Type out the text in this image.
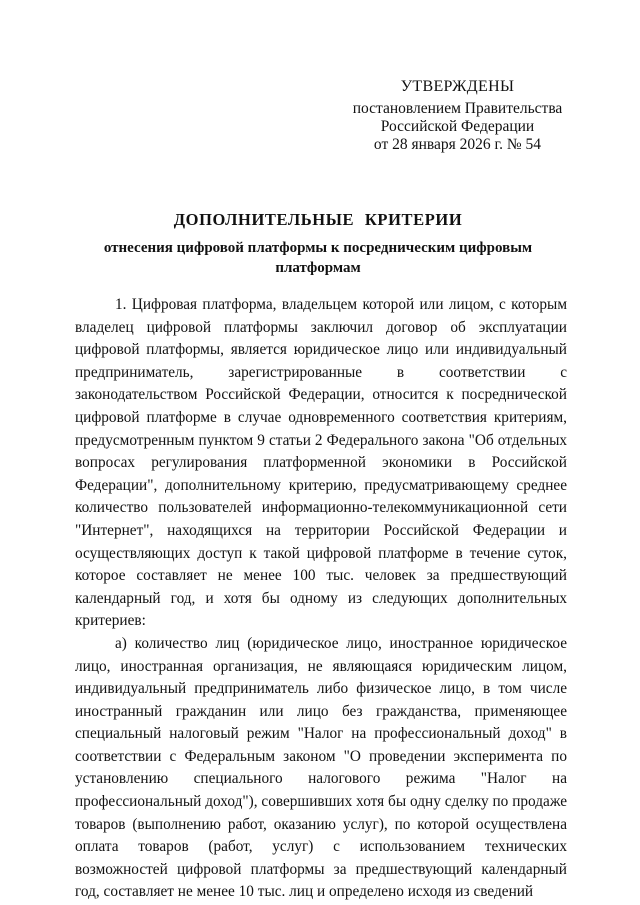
УТВЕРЖДЕНЫ
постановлением Правительства
Российской Федерации
от 28 января 2026 г. № 54
ДОПОЛНИТЕЛЬНЫЕ КРИТЕРИИ
отнесения цифровой платформы к посредническим цифровым платформам

1. Цифровая платформа, владельцем которой или лицом, с которым владелец цифровой платформы заключил договор об эксплуатации цифровой платформы, является юридическое лицо или индивидуальный предприниматель, зарегистрированные в соответствии с законодательством Российской Федерации, относится к посреднической цифровой платформе в случае одновременного соответствия критериям, предусмотренным пунктом 9 статьи 2 Федерального закона "Об отдельных вопросах регулирования платформенной экономики в Российской Федерации", дополнительному критерию, предусматривающему среднее количество пользователей информационно-телекоммуникационной сети "Интернет", находящихся на территории Российской Федерации и осуществляющих доступ к такой цифровой платформе в течение суток, которое составляет не менее 100 тыс. человек за предшествующий календарный год, и хотя бы одному из следующих дополнительных критериев:

а) количество лиц (юридическое лицо, иностранное юридическое лицо, иностранная организация, не являющаяся юридическим лицом, индивидуальный предприниматель либо физическое лицо, в том числе иностранный гражданин или лицо без гражданства, применяющее специальный налоговый режим "Налог на профессиональный доход" в соответствии с Федеральным законом "О проведении эксперимента по установлению специального налогового режима "Налог на профессиональный доход"), совершивших хотя бы одну сделку по продаже товаров (выполнению работ, оказанию услуг), по которой осуществлена оплата товаров (работ, услуг) с использованием технических возможностей цифровой платформы за предшествующий календарный год, составляет не менее 10 тыс. лиц и определено исходя из сведений
